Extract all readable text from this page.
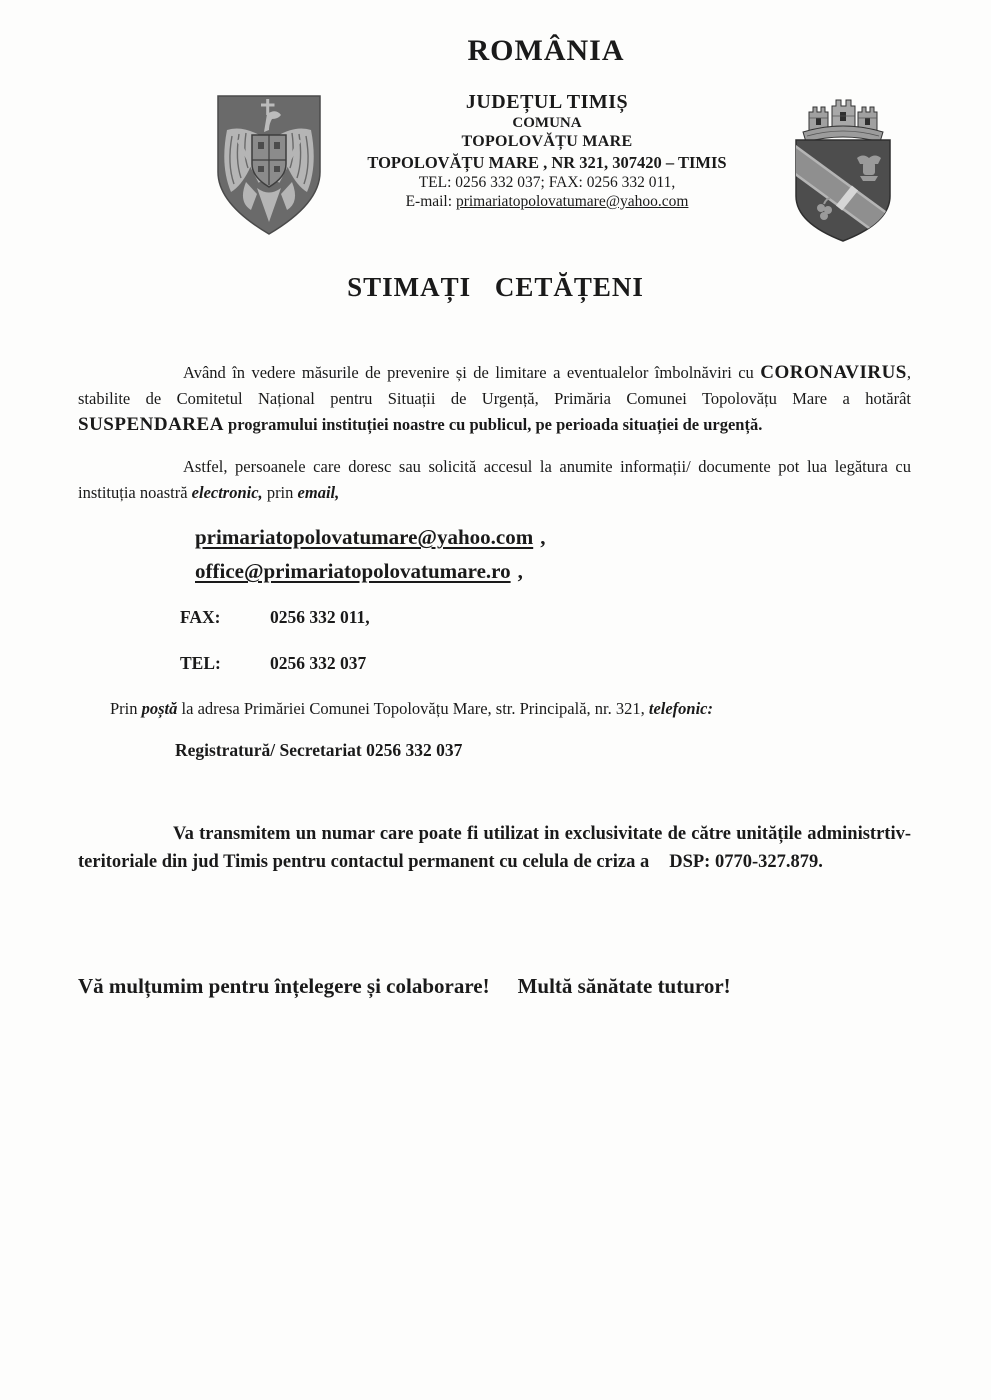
ROMÂNIA
JUDEȚUL TIMIȘ
COMUNA
TOPOLOVĂȚU MARE
TOPOLOVĂȚU MARE , NR 321, 307420 – TIMIS
TEL: 0256 332 037; FAX: 0256 332 011,
E-mail: primariatopolovatumare@yahoo.com
STIMAȚI CETĂȚENI

Având în vedere măsurile de prevenire și de limitare a eventualelor îmbolnăviri cu CORONAVIRUS, stabilite de Comitetul Național pentru Situații de Urgență, Primăria Comunei Topolovățu Mare a hotărât SUSPENDAREA programului instituției noastre cu publicul, pe perioada situației de urgență.

Astfel, persoanele care doresc sau solicită accesul la anumite informații/ documente pot lua legătura cu instituția noastră electronic, prin email,

primariatopolovatumare@yahoo.com ,
office@primariatopolovatumare.ro ,
FAX:	0256 332 011,
TEL:	0256 332 037

Prin poștă la adresa Primăriei Comunei Topolovățu Mare, str. Principală, nr. 321, telefonic:

Registratură/ Secretariat 0256 332 037

Va transmitem un numar care poate fi utilizat in exclusivitate de către unitățile administrtiv-teritoriale din jud Timis pentru contactul permanent cu celula de criza a DSP: 0770-327.879.

Vă mulțumim pentru înțelegere și colaborare! Multă sănătate tuturor!
